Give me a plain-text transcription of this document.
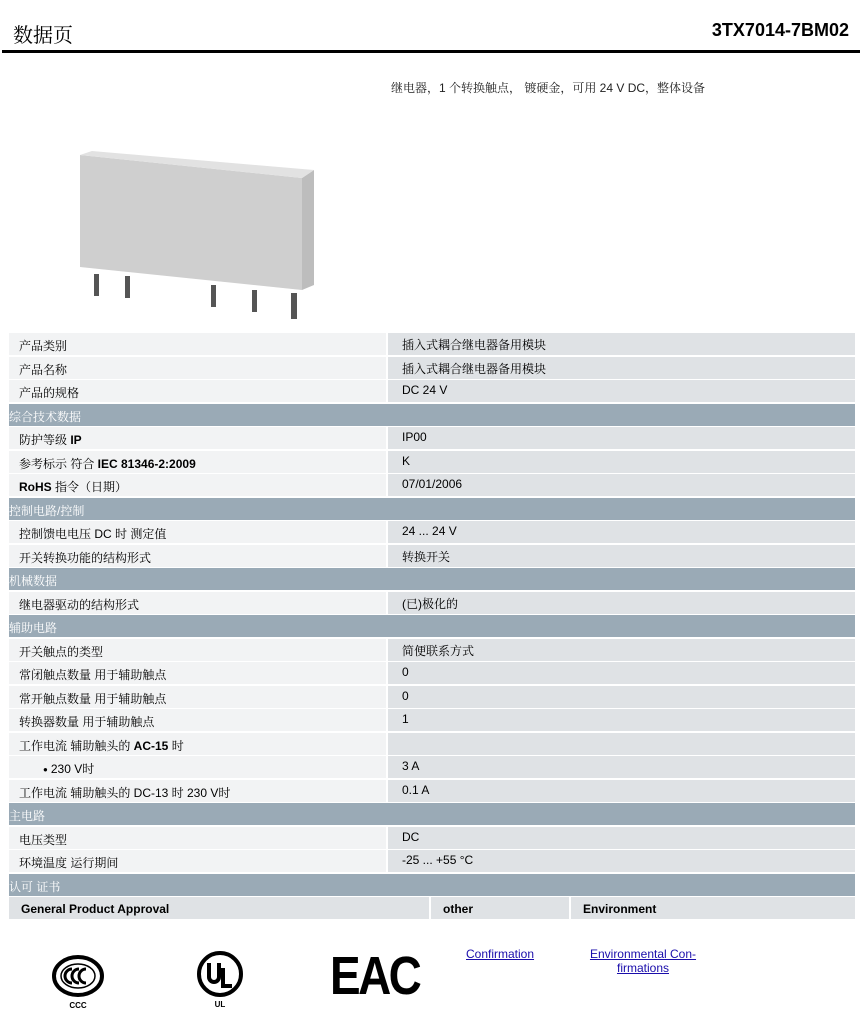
数据页	3TX7014-7BM02
继电器，1 个转换触点， 镀硬金，可用 24 V DC，整体设备
产品类别	插入式耦合继电器备用模块
产品名称	插入式耦合继电器备用模块
产品的规格	DC 24 V
综合技术数据
防护等级 IP	IP00
参考标示 符合 IEC 81346-2:2009	K
RoHS 指令（日期）	07/01/2006
控制电路/控制
控制馈电电压 DC 时 测定值	24 ... 24 V
开关转换功能的结构形式	转换开关
机械数据
继电器驱动的结构形式	(已)极化的
辅助电路
开关触点的类型	简便联系方式
常闭触点数量 用于辅助触点	0
常开触点数量 用于辅助触点	0
转换器数量 用于辅助触点	1
工作电流 辅助触头的 AC-15 时
● 230 V时	3 A
工作电流 辅助触头的 DC-13 时 230 V时	0.1 A
主电路
电压类型	DC
环境温度 运行期间	-25 ... +55 °C
认可 证书
General Product Approval	other	Environment
CCC	UL	EAC	Confirmation	Environmental Con-
firmations
